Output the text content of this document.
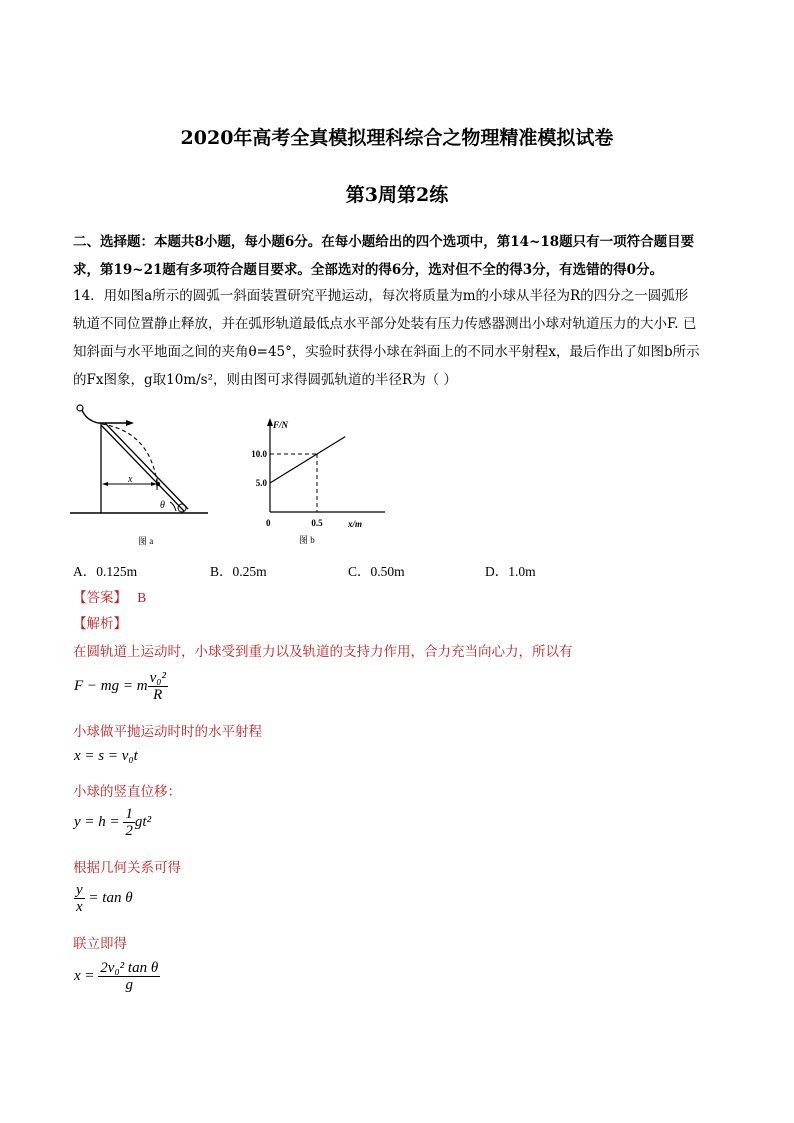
2020年高考全真模拟理科综合之物理精准模拟试卷
第3周第2练
二、选择题：本题共8小题，每小题6分。在每小题给出的四个选项中，第14~18题只有一项符合题目要
求，第19~21题有多项符合题目要求。全部选对的得6分，选对但不全的得3分，有选错的得0分。
14．用如图a所示的圆弧一斜面装置研究平抛运动，每次将质量为m的小球从半径为R的四分之一圆弧形
轨道不同位置静止释放，并在弧形轨道最低点水平部分处装有压力传感器测出小球对轨道压力的大小F. 已
知斜面与水平地面之间的夹角θ=45°，实验时获得小球在斜面上的不同水平射程x，最后作出了如图b所示
的Fx图象，g取10m/s²，则由图可求得圆弧轨道的半径R为（ ）
x
θ
图 a
F/N
x/m
0
10.0
5.0
0.5
图 b
A．0.125m	B．0.25m	C．0.50m	D．1.0m
【答案】 B
【解析】
在圆轨道上运动时，小球受到重力以及轨道的支持力作用，合力充当向心力，所以有
F − mg = m $\frac{\text{v₀²}}{R}$
小球做平抛运动时时的水平射程
x = s = v₀t
小球的竖直位移：
$y = h = \frac{1}{2} gt^2$
根据几何关系可得
$\frac{y}{x} = \tan \theta$
联立即得
$x = \frac{\text{2v₀² tan θ}}{g}$
